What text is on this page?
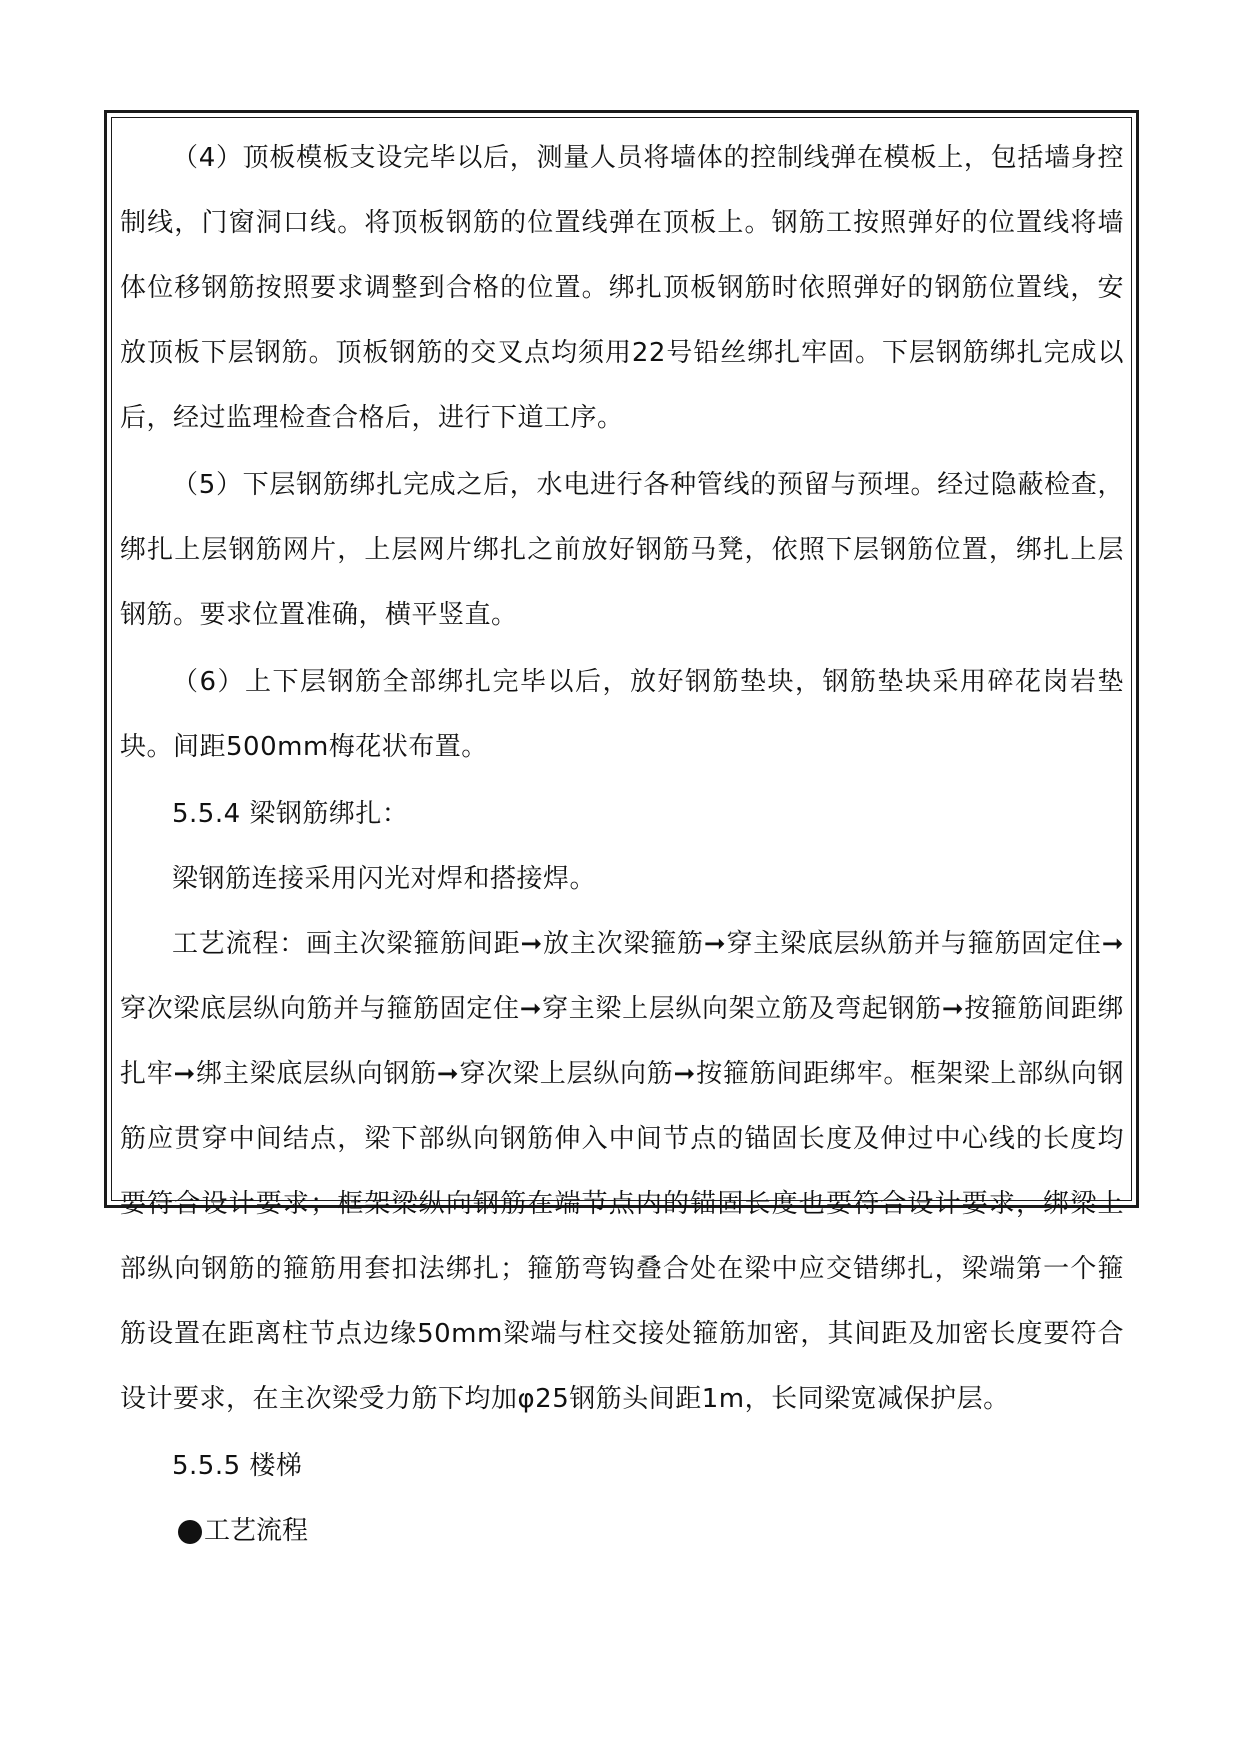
（4）顶板模板支设完毕以后，测量人员将墙体的控制线弹在模板上，包括墙身控制线，门窗洞口线。将顶板钢筋的位置线弹在顶板上。钢筋工按照弹好的位置线将墙体位移钢筋按照要求调整到合格的位置。绑扎顶板钢筋时依照弹好的钢筋位置线，安放顶板下层钢筋。顶板钢筋的交叉点均须用22号铅丝绑扎牢固。下层钢筋绑扎完成以后，经过监理检查合格后，进行下道工序。

（5）下层钢筋绑扎完成之后，水电进行各种管线的预留与预埋。经过隐蔽检查，绑扎上层钢筋网片，上层网片绑扎之前放好钢筋马凳，依照下层钢筋位置，绑扎上层钢筋。要求位置准确，横平竖直。

（6）上下层钢筋全部绑扎完毕以后，放好钢筋垫块，钢筋垫块采用碎花岗岩垫块。间距500mm梅花状布置。

5.5.4 梁钢筋绑扎：

梁钢筋连接采用闪光对焊和搭接焊。

工艺流程：画主次梁箍筋间距➞放主次梁箍筋➞穿主梁底层纵筋并与箍筋固定住➞穿次梁底层纵向筋并与箍筋固定住➞穿主梁上层纵向架立筋及弯起钢筋➞按箍筋间距绑扎牢➞绑主梁底层纵向钢筋➞穿次梁上层纵向筋➞按箍筋间距绑牢。框架梁上部纵向钢筋应贯穿中间结点，梁下部纵向钢筋伸入中间节点的锚固长度及伸过中心线的长度均要符合设计要求；框架梁纵向钢筋在端节点内的锚固长度也要符合设计要求，绑梁上部纵向钢筋的箍筋用套扣法绑扎；箍筋弯钩叠合处在梁中应交错绑扎，梁端第一个箍筋设置在距离柱节点边缘50mm梁端与柱交接处箍筋加密，其间距及加密长度要符合设计要求，在主次梁受力筋下均加φ25钢筋头间距1m，长同梁宽减保护层。

5.5.5 楼梯

工艺流程
